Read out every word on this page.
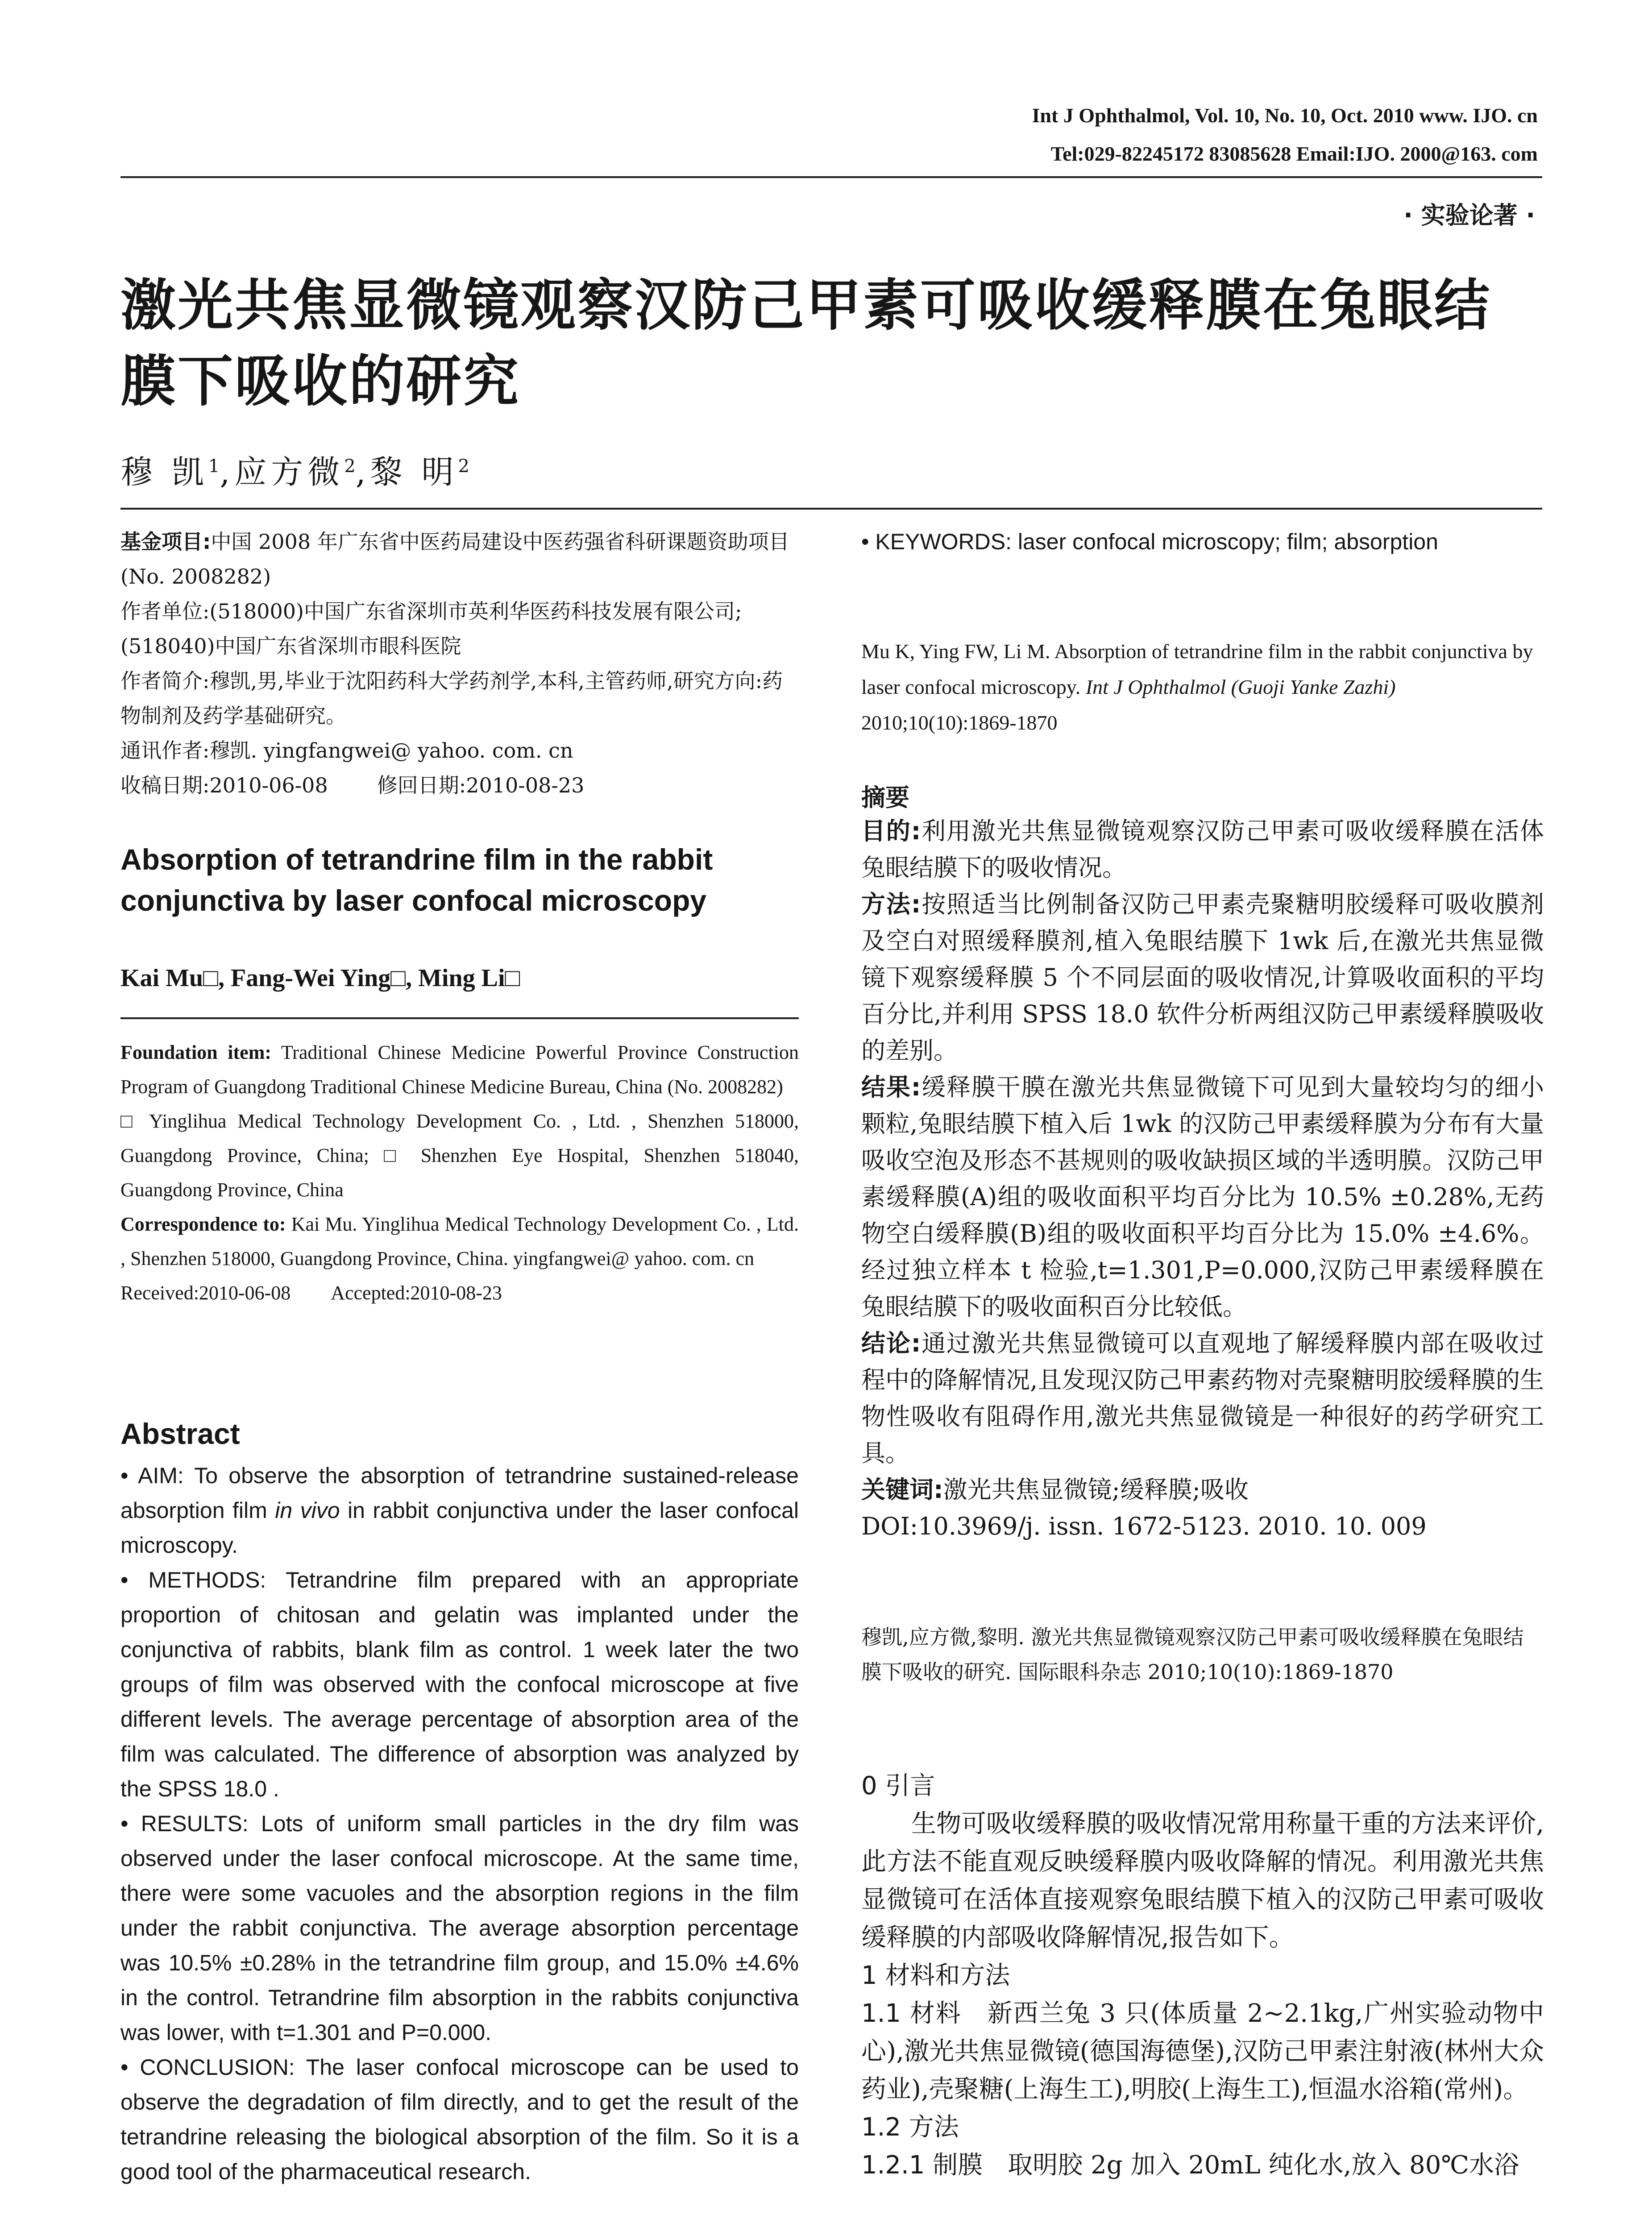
Int J Ophthalmol, Vol. 10, No. 10, Oct. 2010 www. IJO. cn
Tel:029-82245172 83085628 Email:IJO. 2000@163. com
· 实验论著 ·
激光共焦显微镜观察汉防己甲素可吸收缓释膜在兔眼结
膜下吸收的研究
穆 凯$^1$,应方微$^2$,黎 明$^2$

基金项目:中国 2008 年广东省中医药局建设中医药强省科研课题资助项目(No. 2008282)

作者单位:(518000)中国广东省深圳市英利华医药科技发展有限公司;(518040)中国广东省深圳市眼科医院

作者简介:穆凯,男,毕业于沈阳药科大学药剂学,本科,主管药师,研究方向:药物制剂及药学基础研究。

通讯作者:穆凯. yingfangwei@ yahoo. com. cn

收稿日期:2010-06-08 修回日期:2010-08-23

Absorption of tetrandrine film in the rabbit
conjunctiva by laser confocal microscopy
Kai Mu□, Fang-Wei Ying□, Ming Li□

Foundation item: Traditional Chinese Medicine Powerful Province Construction Program of Guangdong Traditional Chinese Medicine Bureau, China (No. 2008282)

□ Yinglihua Medical Technology Development Co. , Ltd. , Shenzhen 518000, Guangdong Province, China; □ Shenzhen Eye Hospital, Shenzhen 518040, Guangdong Province, China

Correspondence to: Kai Mu. Yinglihua Medical Technology Development Co. , Ltd. , Shenzhen 518000, Guangdong Province, China. yingfangwei@ yahoo. com. cn

Received:2010-06-08 Accepted:2010-08-23

Abstract

• AIM: To observe the absorption of tetrandrine sustained-release absorption film in vivo in rabbit conjunctiva under the laser confocal microscopy.

• METHODS: Tetrandrine film prepared with an appropriate proportion of chitosan and gelatin was implanted under the conjunctiva of rabbits, blank film as control. 1 week later the two groups of film was observed with the confocal microscope at five different levels. The average percentage of absorption area of the film was calculated. The difference of absorption was analyzed by the SPSS 18.0 .

• RESULTS: Lots of uniform small particles in the dry film was observed under the laser confocal microscope. At the same time, there were some vacuoles and the absorption regions in the film under the rabbit conjunctiva. The average absorption percentage was 10.5% ±0.28% in the tetrandrine film group, and 15.0% ±4.6% in the control. Tetrandrine film absorption in the rabbits conjunctiva was lower, with t=1.301 and P=0.000.

• CONCLUSION: The laser confocal microscope can be used to observe the degradation of film directly, and to get the result of the tetrandrine releasing the biological absorption of the film. So it is a good tool of the pharmaceutical research.

• KEYWORDS: laser confocal microscopy; film; absorption

Mu K, Ying FW, Li M. Absorption of tetrandrine film in the rabbit conjunctiva by laser confocal microscopy. Int J Ophthalmol (Guoji Yanke Zazhi) 2010;10(10):1869-1870
摘要

目的:利用激光共焦显微镜观察汉防己甲素可吸收缓释膜在活体兔眼结膜下的吸收情况。

方法:按照适当比例制备汉防己甲素壳聚糖明胶缓释可吸收膜剂及空白对照缓释膜剂,植入兔眼结膜下 1wk 后,在激光共焦显微镜下观察缓释膜 5 个不同层面的吸收情况,计算吸收面积的平均百分比,并利用 SPSS 18.0 软件分析两组汉防己甲素缓释膜吸收的差别。

结果:缓释膜干膜在激光共焦显微镜下可见到大量较均匀的细小颗粒,兔眼结膜下植入后 1wk 的汉防己甲素缓释膜为分布有大量吸收空泡及形态不甚规则的吸收缺损区域的半透明膜。汉防己甲素缓释膜(A)组的吸收面积平均百分比为 10.5% ±0.28%,无药物空白缓释膜(B)组的吸收面积平均百分比为 15.0% ±4.6%。经过独立样本 t 检验,t=1.301,P=0.000,汉防己甲素缓释膜在兔眼结膜下的吸收面积百分比较低。

结论:通过激光共焦显微镜可以直观地了解缓释膜内部在吸收过程中的降解情况,且发现汉防己甲素药物对壳聚糖明胶缓释膜的生物性吸收有阻碍作用,激光共焦显微镜是一种很好的药学研究工具。

关键词:激光共焦显微镜;缓释膜;吸收

DOI:10.3969/j. issn. 1672-5123. 2010. 10. 009

穆凯,应方微,黎明. 激光共焦显微镜观察汉防己甲素可吸收缓释膜在兔眼结膜下吸收的研究. 国际眼科杂志 2010;10(10):1869-1870
0 引言

生物可吸收缓释膜的吸收情况常用称量干重的方法来评价,此方法不能直观反映缓释膜内吸收降解的情况。利用激光共焦显微镜可在活体直接观察兔眼结膜下植入的汉防己甲素可吸收缓释膜的内部吸收降解情况,报告如下。

1 材料和方法

1.1 材料 新西兰兔 3 只(体质量 2~2.1kg,广州实验动物中心),激光共焦显微镜(德国海德堡),汉防己甲素注射液(林州大众药业),壳聚糖(上海生工),明胶(上海生工),恒温水浴箱(常州)。

1.2 方法

1.2.1 制膜 取明胶 2g 加入 20mL 纯化水,放入 80℃水浴
